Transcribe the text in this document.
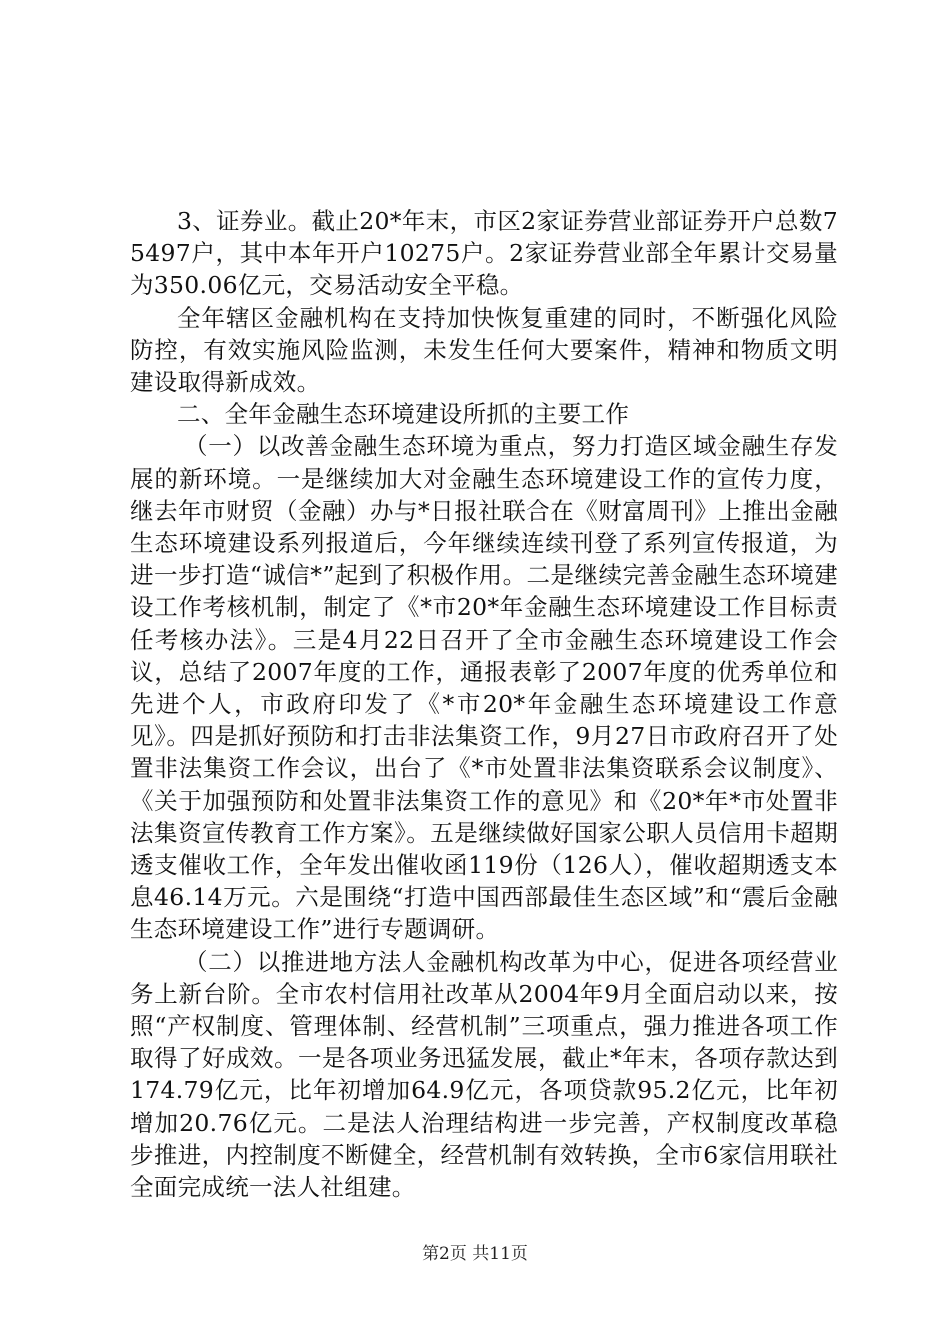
3、证券业。截止20*年末，市区2家证券营业部证券开户总数75497户，其中本年开户10275户。2家证券营业部全年累计交易量为350.06亿元，交易活动安全平稳。

全年辖区金融机构在支持加快恢复重建的同时，不断强化风险防控，有效实施风险监测，未发生任何大要案件，精神和物质文明建设取得新成效。

二、全年金融生态环境建设所抓的主要工作

（一）以改善金融生态环境为重点，努力打造区域金融生存发展的新环境。一是继续加大对金融生态环境建设工作的宣传力度，继去年市财贸（金融）办与*日报社联合在《财富周刊》上推出金融生态环境建设系列报道后，今年继续连续刊登了系列宣传报道，为进一步打造“诚信*”起到了积极作用。二是继续完善金融生态环境建设工作考核机制，制定了《*市20*年金融生态环境建设工作目标责任考核办法》。三是4月22日召开了全市金融生态环境建设工作会议，总结了2007年度的工作，通报表彰了2007年度的优秀单位和先进个人，市政府印发了《*市20*年金融生态环境建设工作意见》。四是抓好预防和打击非法集资工作，9月27日市政府召开了处置非法集资工作会议，出台了《*市处置非法集资联系会议制度》、《关于加强预防和处置非法集资工作的意见》和《20*年*市处置非法集资宣传教育工作方案》。五是继续做好国家公职人员信用卡超期透支催收工作，全年发出催收函119份（126人），催收超期透支本息46.14万元。六是围绕“打造中国西部最佳生态区域”和“震后金融生态环境建设工作”进行专题调研。

（二）以推进地方法人金融机构改革为中心，促进各项经营业务上新台阶。全市农村信用社改革从2004年9月全面启动以来，按照“产权制度、管理体制、经营机制”三项重点，强力推进各项工作取得了好成效。一是各项业务迅猛发展，截止*年末，各项存款达到174.79亿元，比年初增加64.9亿元，各项贷款95.2亿元，比年初增加20.76亿元。二是法人治理结构进一步完善，产权制度改革稳步推进，内控制度不断健全，经营机制有效转换，全市6家信用联社全面完成统一法人社组建。

第2页 共11页
